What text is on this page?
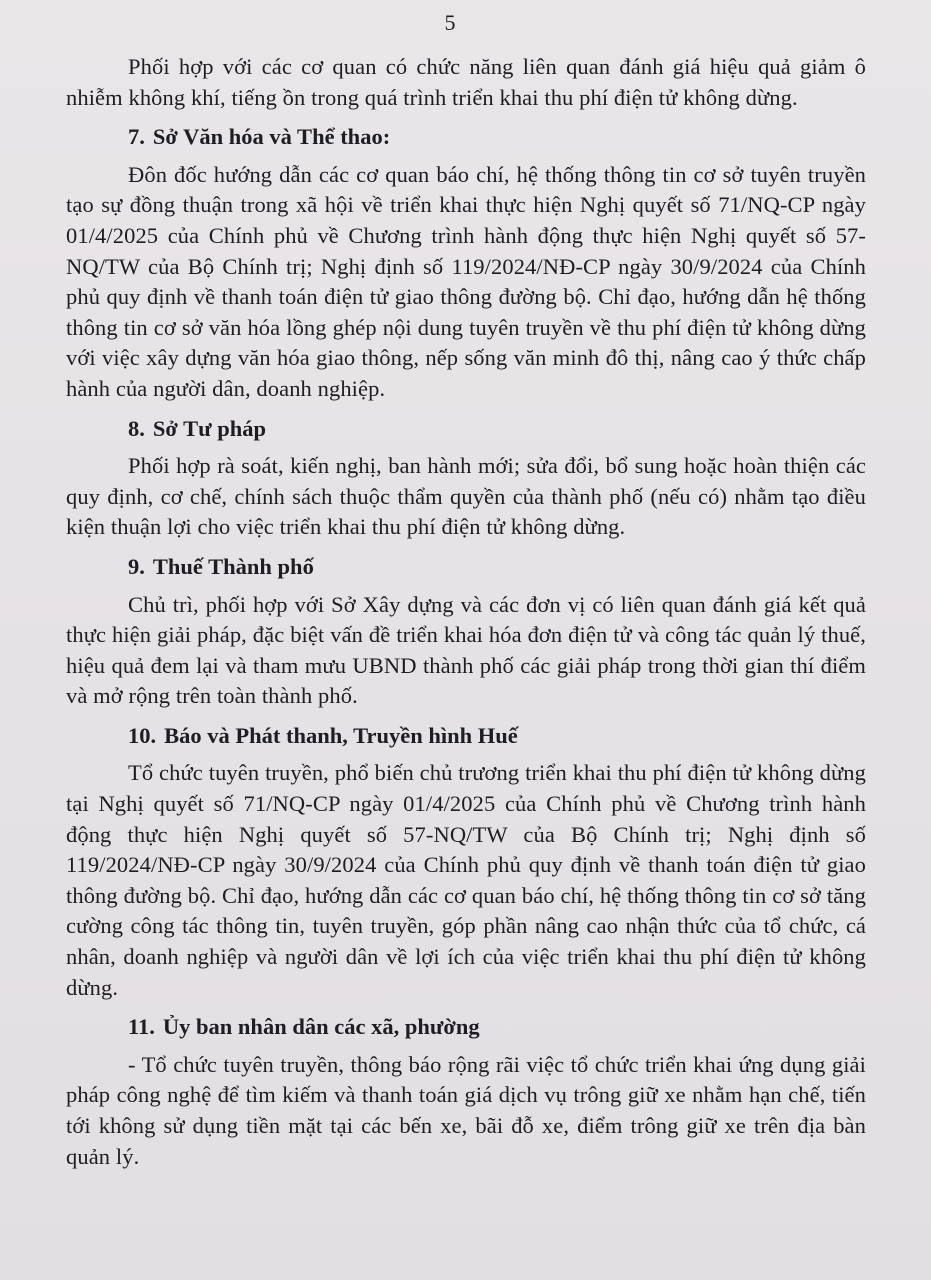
5

Phối hợp với các cơ quan có chức năng liên quan đánh giá hiệu quả giảm ô nhiễm không khí, tiếng ồn trong quá trình triển khai thu phí điện tử không dừng.

7. Sở Văn hóa và Thể thao:

Đôn đốc hướng dẫn các cơ quan báo chí, hệ thống thông tin cơ sở tuyên truyền tạo sự đồng thuận trong xã hội về triển khai thực hiện Nghị quyết số 71/NQ-CP ngày 01/4/2025 của Chính phủ về Chương trình hành động thực hiện Nghị quyết số 57-NQ/TW của Bộ Chính trị; Nghị định số 119/2024/NĐ-CP ngày 30/9/2024 của Chính phủ quy định về thanh toán điện tử giao thông đường bộ. Chỉ đạo, hướng dẫn hệ thống thông tin cơ sở văn hóa lồng ghép nội dung tuyên truyền về thu phí điện tử không dừng với việc xây dựng văn hóa giao thông, nếp sống văn minh đô thị, nâng cao ý thức chấp hành của người dân, doanh nghiệp.

8. Sở Tư pháp

Phối hợp rà soát, kiến nghị, ban hành mới; sửa đổi, bổ sung hoặc hoàn thiện các quy định, cơ chế, chính sách thuộc thẩm quyền của thành phố (nếu có) nhằm tạo điều kiện thuận lợi cho việc triển khai thu phí điện tử không dừng.

9. Thuế Thành phố

Chủ trì, phối hợp với Sở Xây dựng và các đơn vị có liên quan đánh giá kết quả thực hiện giải pháp, đặc biệt vấn đề triển khai hóa đơn điện tử và công tác quản lý thuế, hiệu quả đem lại và tham mưu UBND thành phố các giải pháp trong thời gian thí điểm và mở rộng trên toàn thành phố.

10. Báo và Phát thanh, Truyền hình Huế

Tổ chức tuyên truyền, phổ biến chủ trương triển khai thu phí điện tử không dừng tại Nghị quyết số 71/NQ-CP ngày 01/4/2025 của Chính phủ về Chương trình hành động thực hiện Nghị quyết số 57-NQ/TW của Bộ Chính trị; Nghị định số 119/2024/NĐ-CP ngày 30/9/2024 của Chính phủ quy định về thanh toán điện tử giao thông đường bộ. Chỉ đạo, hướng dẫn các cơ quan báo chí, hệ thống thông tin cơ sở tăng cường công tác thông tin, tuyên truyền, góp phần nâng cao nhận thức của tổ chức, cá nhân, doanh nghiệp và người dân về lợi ích của việc triển khai thu phí điện tử không dừng.

11. Ủy ban nhân dân các xã, phường

- Tổ chức tuyên truyền, thông báo rộng rãi việc tổ chức triển khai ứng dụng giải pháp công nghệ để tìm kiếm và thanh toán giá dịch vụ trông giữ xe nhằm hạn chế, tiến tới không sử dụng tiền mặt tại các bến xe, bãi đỗ xe, điểm trông giữ xe trên địa bàn quản lý.
